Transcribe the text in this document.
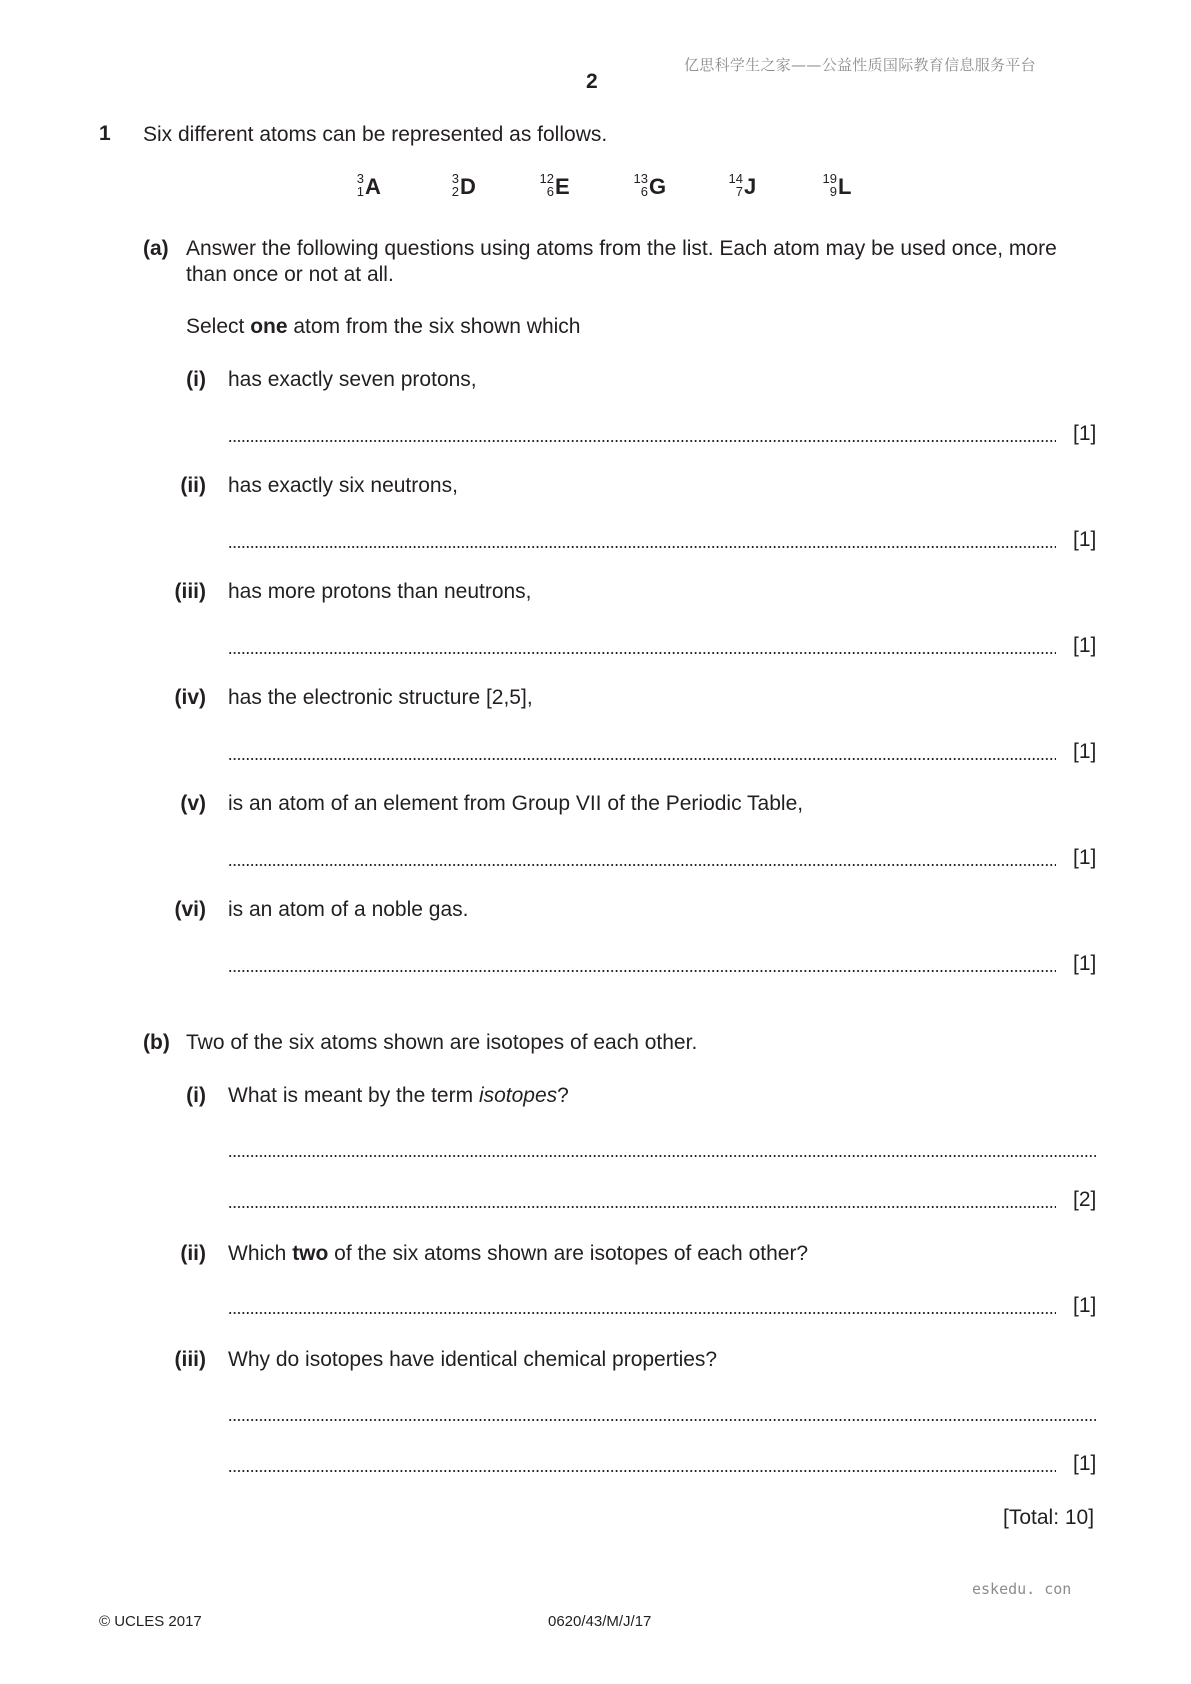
亿思科学生之家——公益性质国际教育信息服务平台
2
1 Six different atoms can be represented as follows.
3
1 A	3
2 D	12
6 E	13
6 G	14
7 J	19
9 L
(a) Answer the following questions using atoms from the list. Each atom may be used once, more
than once or not at all.
Select one atom from the six shown which
(i) has exactly seven protons,
[1]
(ii) has exactly six neutrons,
[1]
(iii) has more protons than neutrons,
[1]
(iv) has the electronic structure [2,5],
[1]
(v) is an atom of an element from Group VII of the Periodic Table,
[1]
(vi) is an atom of a noble gas.
[1]
(b) Two of the six atoms shown are isotopes of each other.
(i) What is meant by the term isotopes?
[2]
(ii) Which two of the six atoms shown are isotopes of each other?
[1]
(iii) Why do isotopes have identical chemical properties?
[1]
[Total: 10]
eskedu. con
© UCLES 2017	0620/43/M/J/17
